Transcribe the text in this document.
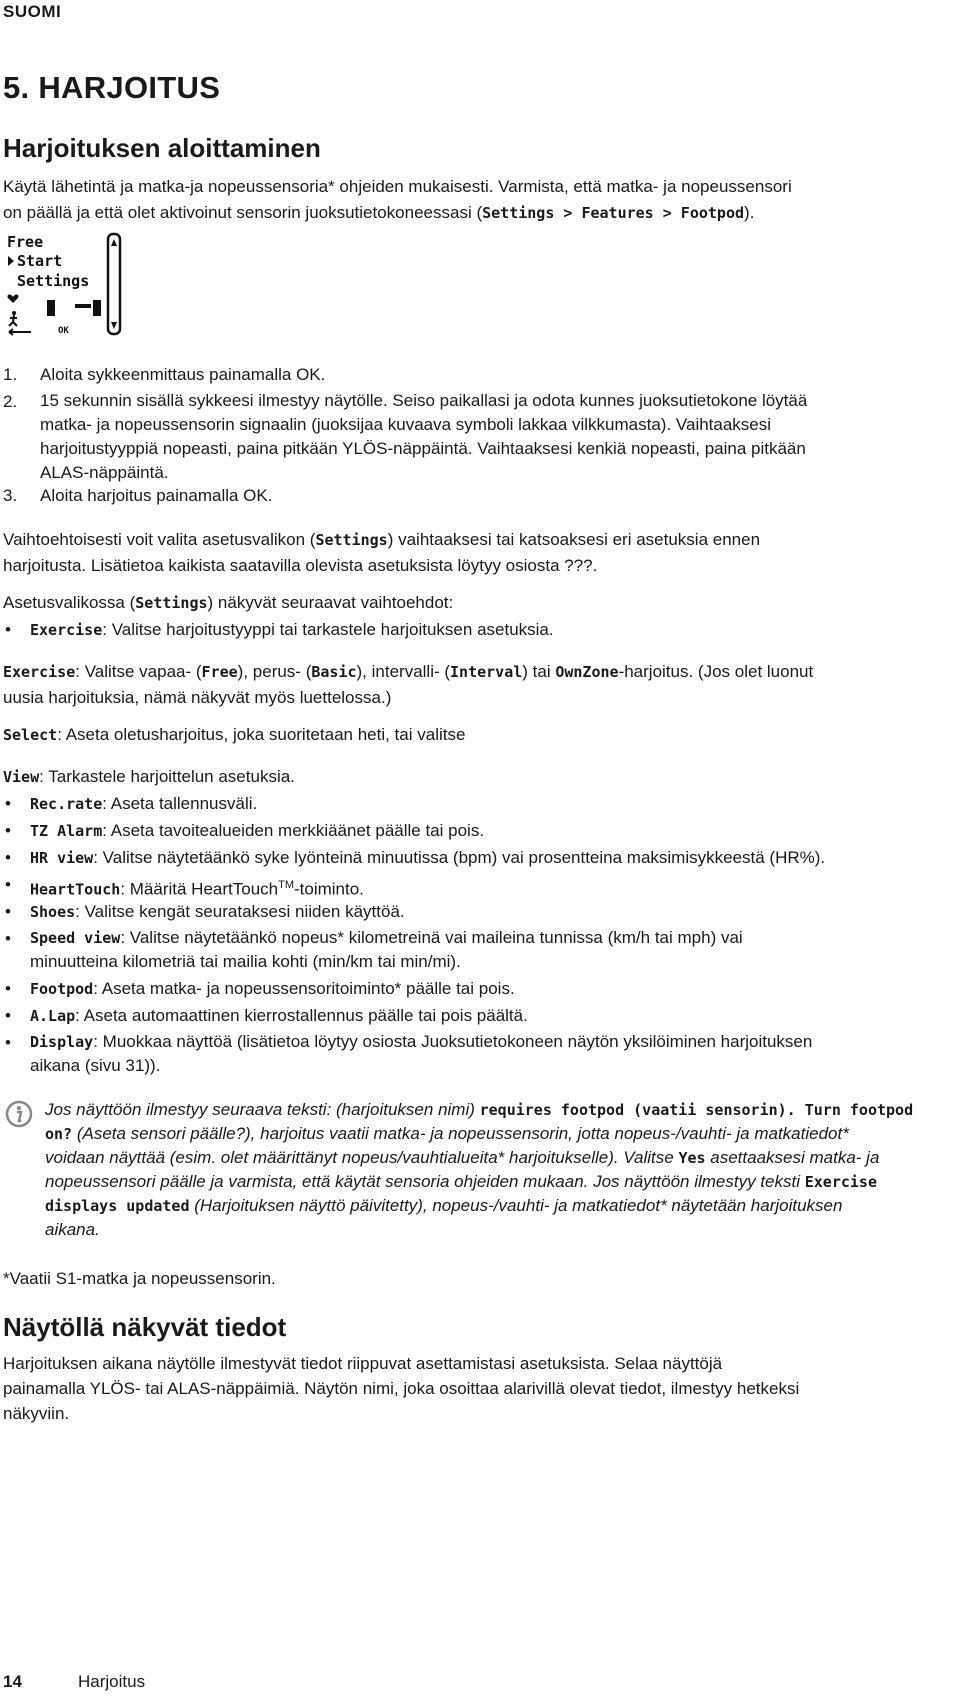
SUOMI
5. HARJOITUS
Harjoituksen aloittaminen
Käytä lähetintä ja matka-ja nopeussensoria* ohjeiden mukaisesti. Varmista, että matka- ja nopeussensori
on päällä ja että olet aktivoinut sensorin juoksutietokoneessasi (Settings > Features > Footpod).
Free
Start
Settings
OK
1. Aloita sykkeenmittaus painamalla OK.
2. 15 sekunnin sisällä sykkeesi ilmestyy näytölle. Seiso paikallasi ja odota kunnes juoksutietokone löytää
matka- ja nopeussensorin signaalin (juoksijaa kuvaava symboli lakkaa vilkkumasta). Vaihtaaksesi
harjoitustyyppiä nopeasti, paina pitkään YLÖS-näppäintä. Vaihtaaksesi kenkiä nopeasti, paina pitkään
ALAS-näppäintä.
3. Aloita harjoitus painamalla OK.
Vaihtoehtoisesti voit valita asetusvalikon (Settings) vaihtaaksesi tai katsoaksesi eri asetuksia ennen
harjoitusta. Lisätietoa kaikista saatavilla olevista asetuksista löytyy osiosta ???.
Asetusvalikossa (Settings) näkyvät seuraavat vaihtoehdot:
• Exercise: Valitse harjoitustyyppi tai tarkastele harjoituksen asetuksia.
Exercise: Valitse vapaa- (Free), perus- (Basic), intervalli- (Interval) tai OwnZone-harjoitus. (Jos olet luonut
uusia harjoituksia, nämä näkyvät myös luettelossa.)
Select: Aseta oletusharjoitus, joka suoritetaan heti, tai valitse
View: Tarkastele harjoittelun asetuksia.
• Rec.rate: Aseta tallennusväli.
• TZ Alarm: Aseta tavoitealueiden merkkiäänet päälle tai pois.
• HR view: Valitse näytetäänkö syke lyönteinä minuutissa (bpm) vai prosentteina maksimisykkeestä (HR%).
• HeartTouch: Määritä HeartTouch™-toiminto.
• Shoes: Valitse kengät seurataksesi niiden käyttöä.
• Speed view: Valitse näytetäänkö nopeus* kilometreinä vai maileina tunnissa (km/h tai mph) vai
minuutteina kilometriä tai mailia kohti (min/km tai min/mi).
• Footpod: Aseta matka- ja nopeussensoritoiminto* päälle tai pois.
• A.Lap: Aseta automaattinen kierrostallennus päälle tai pois päältä.
• Display: Muokkaa näyttöä (lisätietoa löytyy osiosta Juoksutietokoneen näytön yksilöiminen harjoituksen
aikana (sivu 31)).
Jos näyttöön ilmestyy seuraava teksti: (harjoituksen nimi) requires footpod (vaatii sensorin). Turn footpod
on? (Aseta sensori päälle?), harjoitus vaatii matka- ja nopeussensorin, jotta nopeus-/vauhti- ja matkatiedot*
voidaan näyttää (esim. olet määrittänyt nopeus/vauhtialueita* harjoitukselle). Valitse Yes asettaaksesi matka- ja
nopeussensori päälle ja varmista, että käytät sensoria ohjeiden mukaan. Jos näyttöön ilmestyy teksti Exercise
displays updated (Harjoituksen näyttö päivitetty), nopeus-/vauhti- ja matkatiedot* näytetään harjoituksen
aikana.
*Vaatii S1-matka ja nopeussensorin.
Näytöllä näkyvät tiedot
Harjoituksen aikana näytölle ilmestyvät tiedot riippuvat asettamistasi asetuksista. Selaa näyttöjä
painamalla YLÖS- tai ALAS-näppäimiä. Näytön nimi, joka osoittaa alarivillä olevat tiedot, ilmestyy hetkeksi
näkyviin.
14	Harjoitus
